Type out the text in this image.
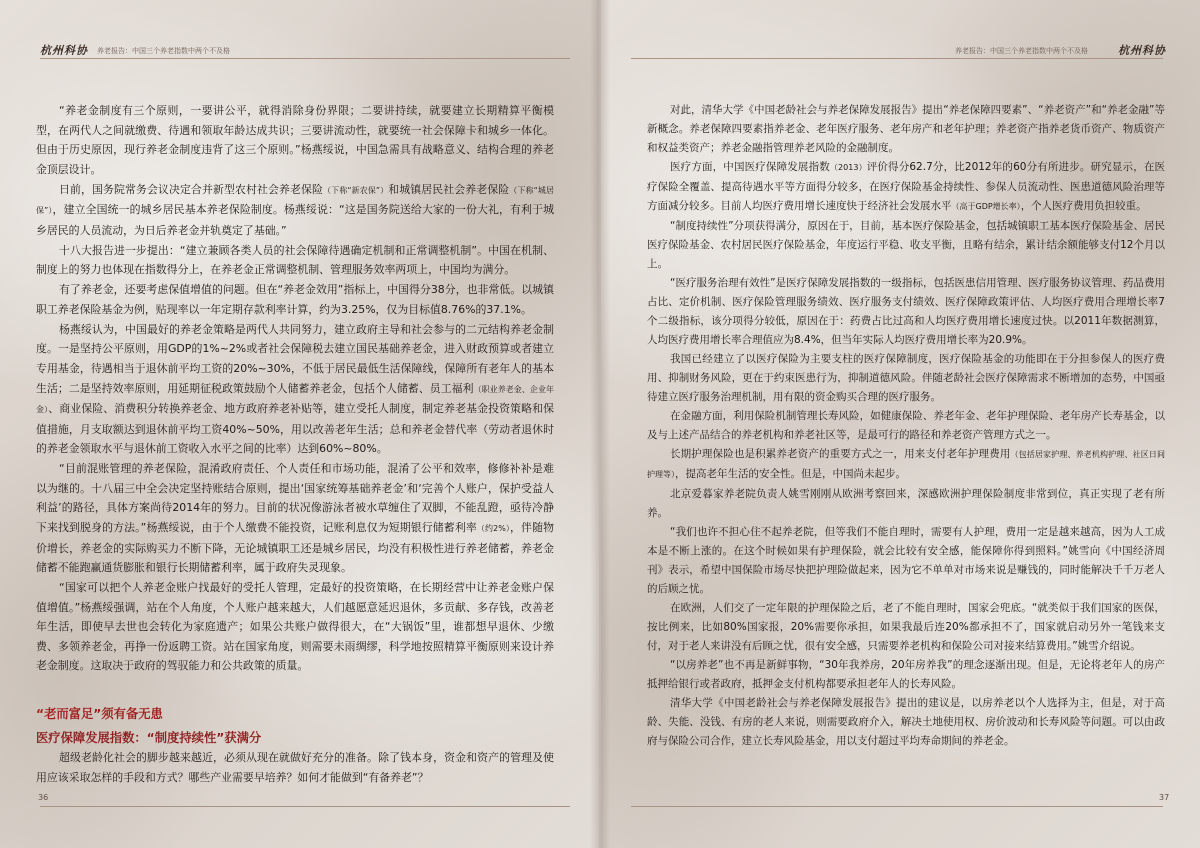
杭州科协 养老报告：中国三个养老指数中两个不及格

“养老金制度有三个原则，一要讲公平，就得消除身份界限；二要讲持续，就要建立长期精算平衡模型，在两代人之间就缴费、待遇和领取年龄达成共识；三要讲流动性，就要统一社会保障卡和城乡一体化。但由于历史原因，现行养老金制度违背了这三个原则。”杨燕绥说，中国急需具有战略意义、结构合理的养老金顶层设计。

日前，国务院常务会议决定合并新型农村社会养老保险（下称“新农保”）和城镇居民社会养老保险（下称“城居保”），建立全国统一的城乡居民基本养老保险制度。杨燕绥说：“这是国务院送给大家的一份大礼，有利于城乡居民的人员流动，为日后养老金并轨奠定了基础。”

十八大报告进一步提出：“建立兼顾各类人员的社会保障待遇确定机制和正常调整机制”。中国在机制、制度上的努力也体现在指数得分上，在养老金正常调整机制、管理服务效率两项上，中国均为满分。

有了养老金，还要考虑保值增值的问题。但在“养老金效用”指标上，中国得分38分，也非常低。以城镇职工养老保险基金为例，贴现率以一年定期存款利率计算，约为3.25%，仅为目标值8.76%的37.1%。

杨燕绥认为，中国最好的养老金策略是两代人共同努力，建立政府主导和社会参与的二元结构养老金制度。一是坚持公平原则，用GDP的1%~2%或者社会保障税去建立国民基础养老金，进入财政预算或者建立专用基金，待遇相当于退休前平均工资的20%~30%，不低于居民最低生活保障线，保障所有老年人的基本生活；二是坚持效率原则，用延期征税政策鼓励个人储蓄养老金，包括个人储蓄、员工福利（职业养老金、企业年金）、商业保险、消费积分转换养老金、地方政府养老补贴等，建立受托人制度，制定养老基金投资策略和保值措施，月支取额达到退休前平均工资40%~50%，用以改善老年生活；总和养老金替代率（劳动者退休时的养老金领取水平与退休前工资收入水平之间的比率）达到60%~80%。

“目前混账管理的养老保险，混淆政府责任、个人责任和市场功能，混淆了公平和效率，修修补补是难以为继的。十八届三中全会决定坚持账结合原则，提出‘国家统筹基础养老金’和‘完善个人账户，保护受益人利益’的路径，具体方案尚待2014年的努力。目前的状况像游泳者被水草缠住了双脚，不能乱蹬，亟待冷静下来找到脱身的方法。”杨燕绥说，由于个人缴费不能投资，记账利息仅为短期银行储蓄利率（约2%），伴随物价增长，养老金的实际购买力不断下降，无论城镇职工还是城乡居民，均没有积极性进行养老储蓄，养老金储蓄不能跑赢通货膨胀和银行长期储蓄利率，属于政府失灵现象。

“国家可以把个人养老金账户找最好的受托人管理，定最好的投资策略，在长期经营中让养老金账户保值增值。”杨燕绥强调，站在个人角度，个人账户越来越大，人们越愿意延迟退休，多贡献、多存钱，改善老年生活，即使早去世也会转化为家庭遗产；如果公共账户做得很大，在“大锅饭”里，谁都想早退休、少缴费、多领养老金，再挣一份返聘工资。站在国家角度，则需要未雨绸缪，科学地按照精算平衡原则来设计养老金制度。这取决于政府的驾驭能力和公共政策的质量。

“老而富足”须有备无患

医疗保障发展指数：“制度持续性”获满分

超级老龄化社会的脚步越来越近，必须从现在就做好充分的准备。除了钱本身，资金和资产的管理及使用应该采取怎样的手段和方式？哪些产业需要早培养？如何才能做到“有备养老”？

36
养老报告：中国三个养老指数中两个不及格	杭州科协

对此，清华大学《中国老龄社会与养老保障发展报告》提出“养老保障四要素”、“养老资产”和“养老金融”等新概念。养老保障四要素指养老金、老年医疗服务、老年房产和老年护理；养老资产指养老货币资产、物质资产和权益类资产；养老金融指管理养老风险的金融制度。

医疗方面，中国医疗保障发展指数（2013）评价得分62.7分，比2012年的60分有所进步。研究显示，在医疗保险全覆盖、提高待遇水平等方面得分较多，在医疗保险基金持续性、参保人员流动性、医患道德风险治理等方面减分较多。目前人均医疗费用增长速度快于经济社会发展水平（高于GDP增长率），个人医疗费用负担较重。

“制度持续性”分项获得满分，原因在于，目前，基本医疗保险基金，包括城镇职工基本医疗保险基金、居民医疗保险基金、农村居民医疗保险基金，年度运行平稳、收支平衡，且略有结余，累计结余额能够支付12个月以上。

“医疗服务治理有效性”是医疗保障发展指数的一级指标，包括医患信用管理、医疗服务协议管理、药品费用占比、定价机制、医疗保险管理服务绩效、医疗服务支付绩效、医疗保障政策评估、人均医疗费用合理增长率7个二级指标，该分项得分较低，原因在于：药费占比过高和人均医疗费用增长速度过快。以2011年数据测算，人均医疗费用增长率合理值应为8.4%，但当年实际人均医疗费用增长率为20.9%。

我国已经建立了以医疗保险为主要支柱的医疗保障制度，医疗保险基金的功能即在于分担参保人的医疗费用、抑制财务风险，更在于约束医患行为，抑制道德风险。伴随老龄社会医疗保障需求不断增加的态势，中国亟待建立医疗服务治理机制，用有限的资金购买合理的医疗服务。

在金融方面，利用保险机制管理长寿风险，如健康保险、养老年金、老年护理保险、老年房产长寿基金，以及与上述产品结合的养老机构和养老社区等，是最可行的路径和养老资产管理方式之一。

长期护理保险也是积累养老资产的重要方式之一，用来支付老年护理费用（包括居家护理、养老机构护理、社区日间护理等），提高老年生活的安全性。但是，中国尚未起步。

北京爱暮家养老院负责人姚雪刚刚从欧洲考察回来，深感欧洲护理保险制度非常到位，真正实现了老有所养。

“我们也许不担心住不起养老院，但等我们不能自理时，需要有人护理，费用一定是越来越高，因为人工成本是不断上涨的。在这个时候如果有护理保险，就会比较有安全感，能保障你得到照料。”姚雪向《中国经济周刊》表示，希望中国保险市场尽快把护理险做起来，因为它不单单对市场来说是赚钱的，同时能解决千千万老人的后顾之忧。

在欧洲，人们交了一定年限的护理保险之后，老了不能自理时，国家会兜底。“就类似于我们国家的医保，按比例来，比如80%国家报，20%需要你承担，如果我最后连20%都承担不了，国家就启动另外一笔钱来支付，对于老人来讲没有后顾之忧，很有安全感，只需要养老机构和保险公司对接来结算费用。”姚雪介绍说。

“以房养老”也不再是新鲜事物，“30年我养房，20年房养我”的理念逐渐出现。但是，无论将老年人的房产抵押给银行或者政府，抵押金支付机构都要承担老年人的长寿风险。

清华大学《中国老龄社会与养老保障发展报告》提出的建议是，以房养老以个人选择为主，但是，对于高龄、失能、没钱、有房的老人来说，则需要政府介入，解决土地使用权、房价波动和长寿风险等问题。可以由政府与保险公司合作，建立长寿风险基金，用以支付超过平均寿命期间的养老金。

37
